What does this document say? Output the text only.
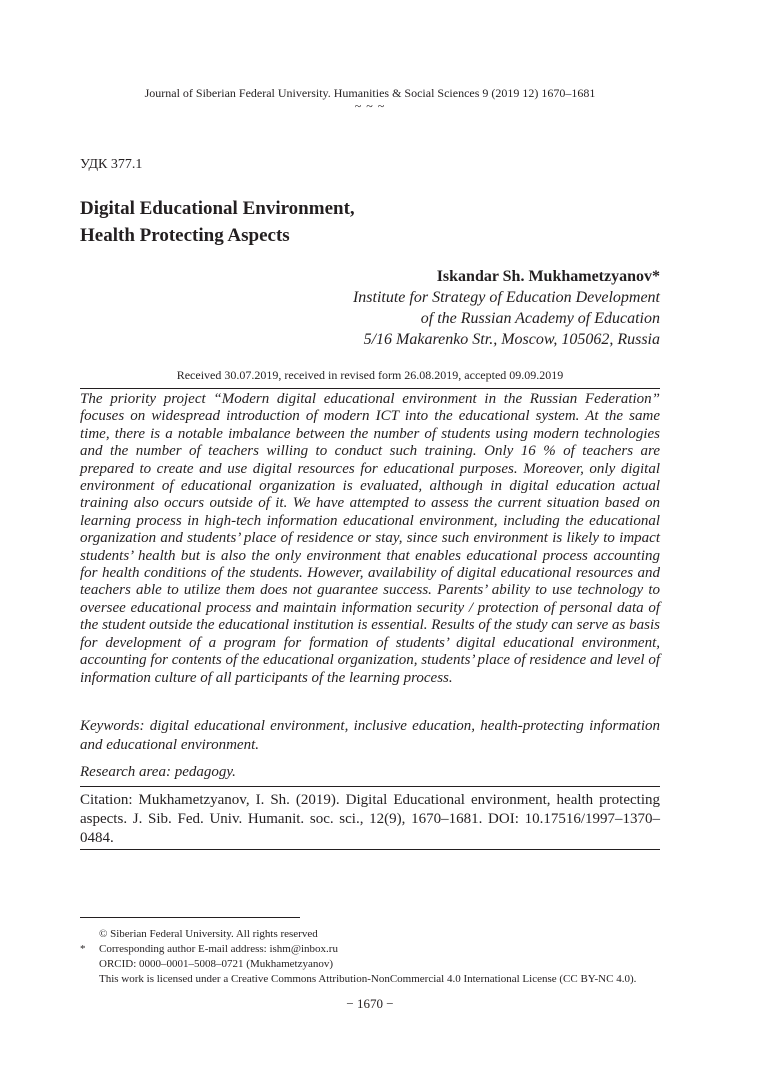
Journal of Siberian Federal University. Humanities & Social Sciences 9 (2019 12) 1670–1681
~ ~ ~
УДК 377.1
Digital Educational Environment,
Health Protecting Aspects
Iskandar Sh. Mukhametzyanov*
Institute for Strategy of Education Development
of the Russian Academy of Education
5/16 Makarenko Str., Moscow, 105062, Russia
Received 30.07.2019, received in revised form 26.08.2019, accepted 09.09.2019
The priority project “Modern digital educational environment in the Russian Federation” focuses on widespread introduction of modern ICT into the educational system. At the same time, there is a notable imbalance between the number of students using modern technologies and the number of teachers willing to conduct such training. Only 16 % of teachers are prepared to create and use digital resources for educational purposes. Moreover, only digital environment of educational organization is evaluated, although in digital education actual training also occurs outside of it. We have attempted to assess the current situation based on learning process in high-tech information educational environment, including the educational organization and students’ place of residence or stay, since such environment is likely to impact students’ health but is also the only environment that enables educational process accounting for health conditions of the students. However, availability of digital educational resources and teachers able to utilize them does not guarantee success. Parents’ ability to use technology to oversee educational process and maintain information security / protection of personal data of the student outside the educational institution is essential. Results of the study can serve as basis for development of a program for formation of students’ digital educational environment, accounting for contents of the educational organization, students’ place of residence and level of information culture of all participants of the learning process.
Keywords: digital educational environment, inclusive education, health-protecting information and educational environment.
Research area: pedagogy.
Citation: Mukhametzyanov, I. Sh. (2019). Digital Educational environment, health protecting aspects. J. Sib. Fed. Univ. Humanit. soc. sci., 12(9), 1670–1681. DOI: 10.17516/1997–1370–0484.
© Siberian Federal University. All rights reserved
* Corresponding author E-mail address: ishm@inbox.ru
ORCID: 0000–0001–5008–0721 (Mukhametzyanov)
This work is licensed under a Creative Commons Attribution-NonCommercial 4.0 International License (CC BY-NC 4.0).
− 1670 −
